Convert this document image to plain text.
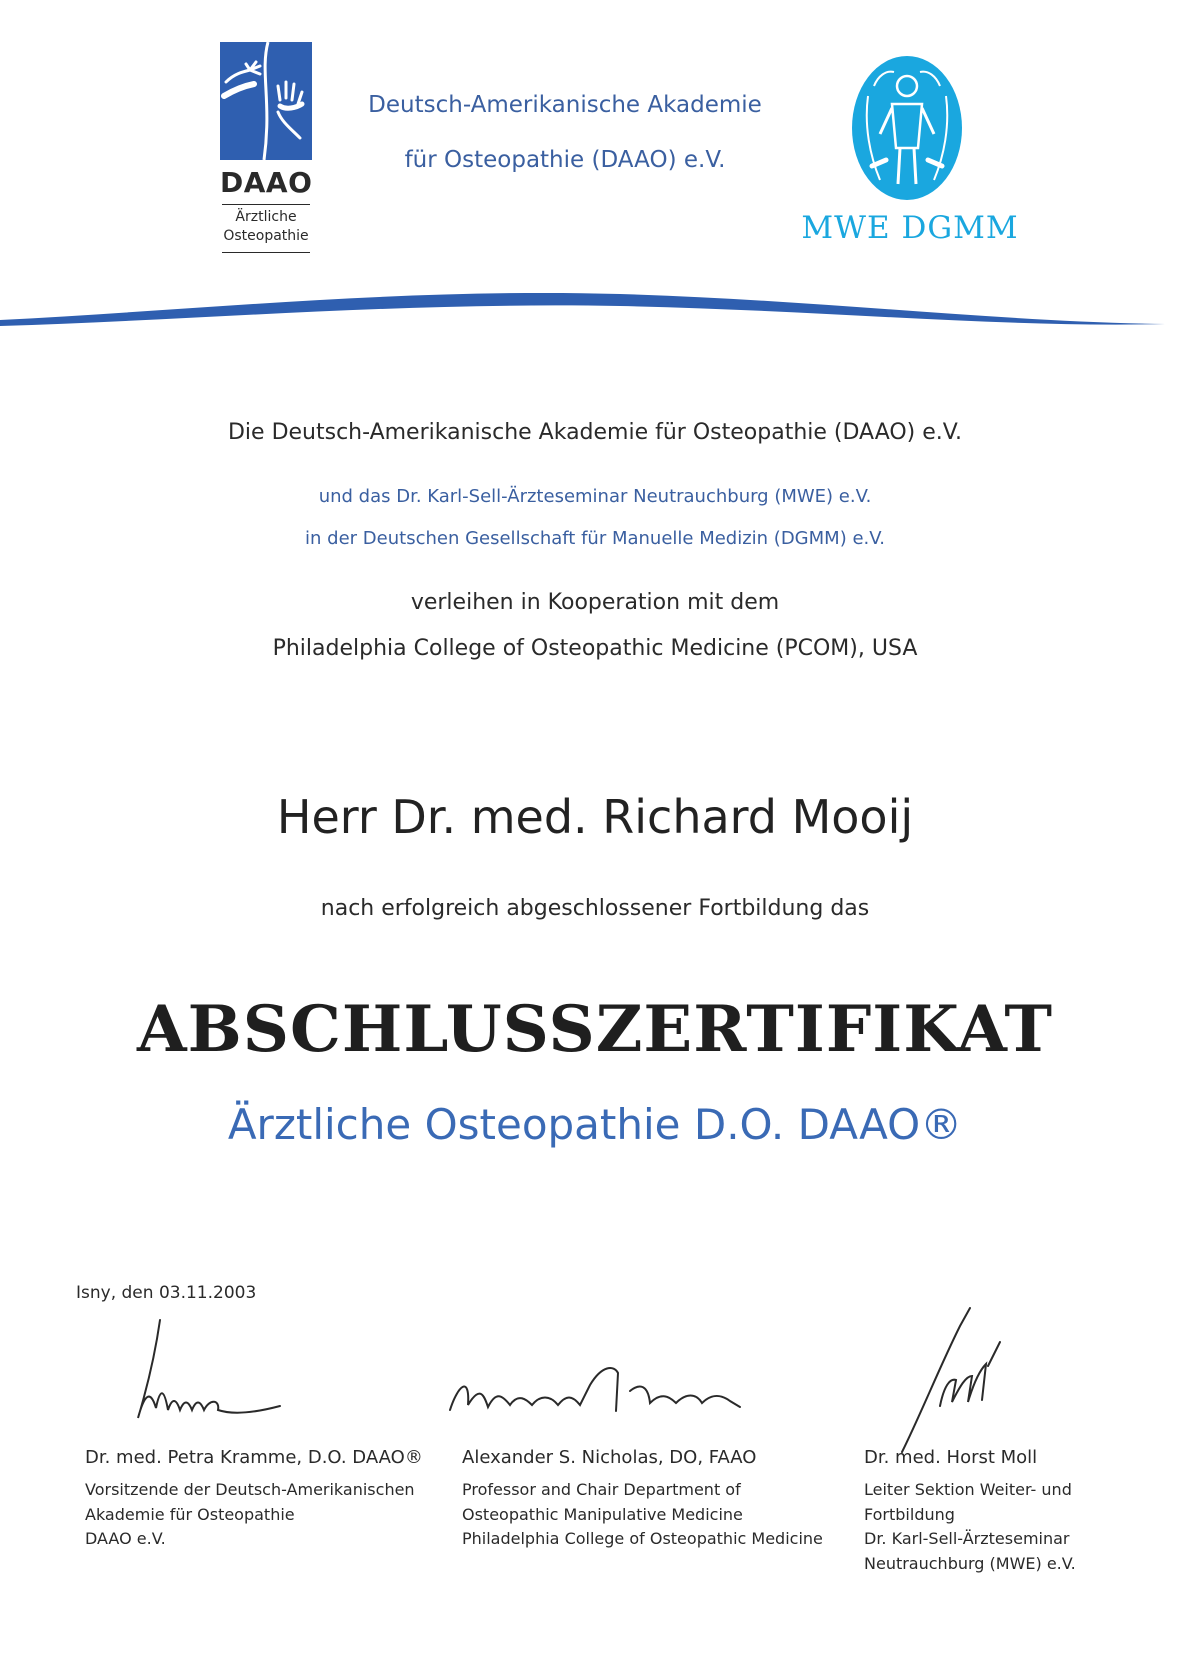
DAAO
Ärztliche
Osteopathie
Deutsch-Amerikanische Akademie
für Osteopathie (DAAO) e.V.
MWE DGMM
Die Deutsch-Amerikanische Akademie für Osteopathie (DAAO) e.V.
und das Dr. Karl-Sell-Ärzteseminar Neutrauchburg (MWE) e.V.
in der Deutschen Gesellschaft für Manuelle Medizin (DGMM) e.V.
verleihen in Kooperation mit dem
Philadelphia College of Osteopathic Medicine (PCOM), USA
Herr Dr. med. Richard Mooij
nach erfolgreich abgeschlossener Fortbildung das
ABSCHLUSSZERTIFIKAT
Ärztliche Osteopathie D.O. DAAO®
Isny, den 03.11.2003
Dr. med. Petra Kramme, D.O. DAAO®
Vorsitzende der Deutsch-Amerikanischen
Akademie für Osteopathie
DAAO e.V.
Alexander S. Nicholas, DO, FAAO
Professor and Chair Department of
Osteopathic Manipulative Medicine
Philadelphia College of Osteopathic Medicine
Dr. med. Horst Moll
Leiter Sektion Weiter- und
Fortbildung
Dr. Karl-Sell-Ärzteseminar
Neutrauchburg (MWE) e.V.
